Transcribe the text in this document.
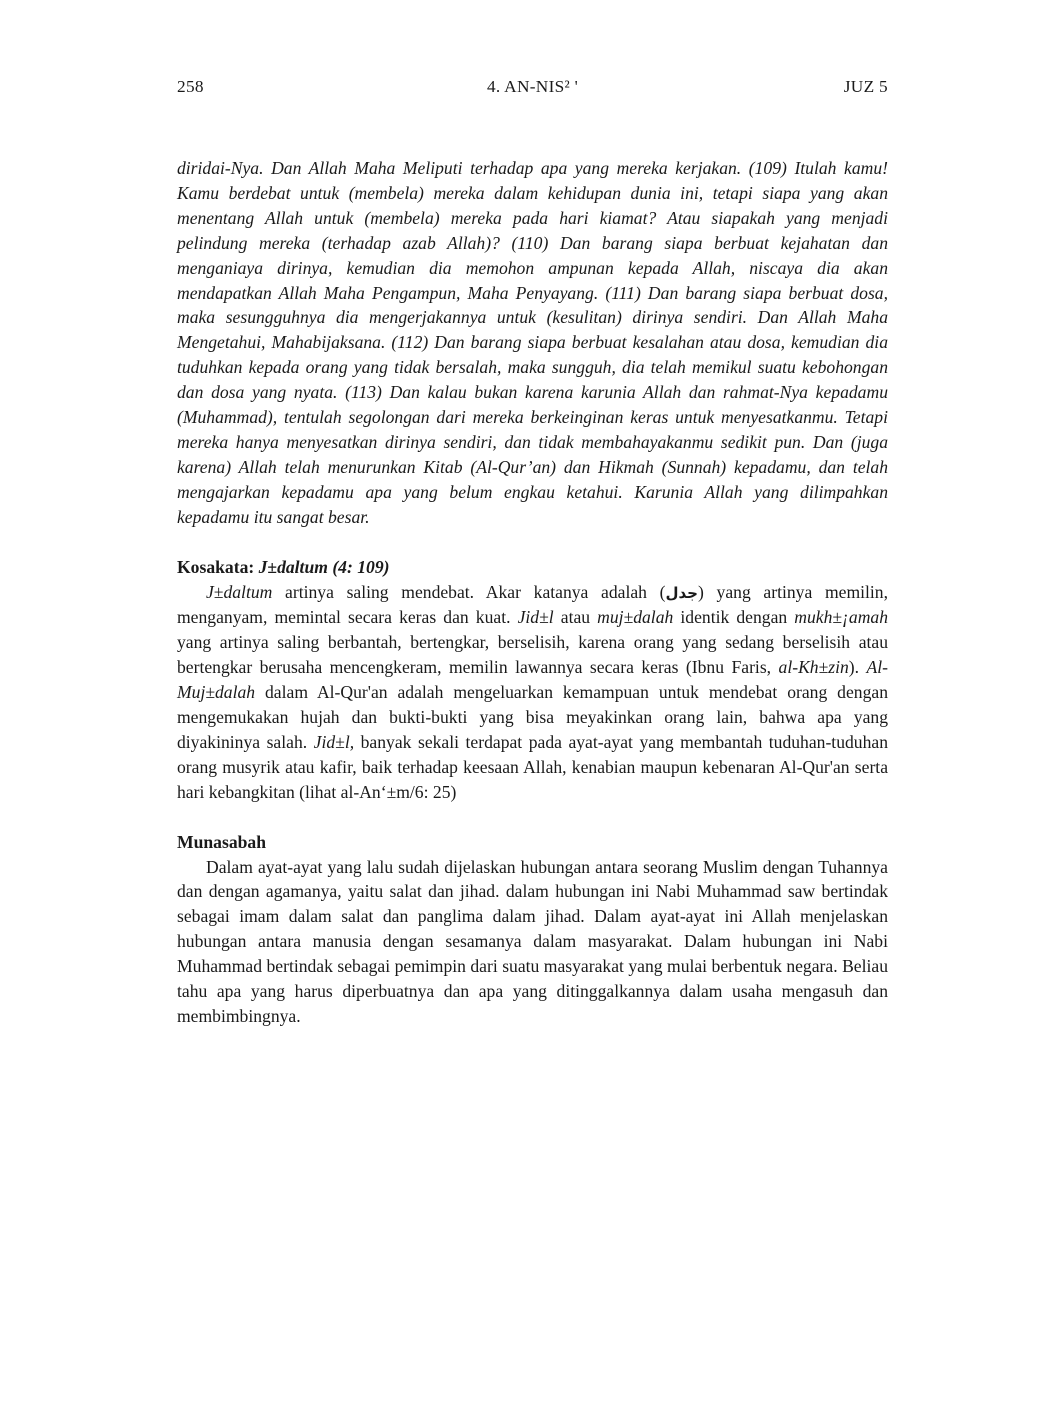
258	4. AN-NIS² '	JUZ 5

diridai-Nya. Dan Allah Maha Meliputi terhadap apa yang mereka kerjakan. (109) Itulah kamu! Kamu berdebat untuk (membela) mereka dalam kehidupan dunia ini, tetapi siapa yang akan menentang Allah untuk (membela) mereka pada hari kiamat? Atau siapakah yang menjadi pelindung mereka (terhadap azab Allah)? (110) Dan barang siapa berbuat kejahatan dan menganiaya dirinya, kemudian dia memohon ampunan kepada Allah, niscaya dia akan mendapatkan Allah Maha Pengampun, Maha Penyayang. (111) Dan barang siapa berbuat dosa, maka sesungguhnya dia mengerjakannya untuk (kesulitan) dirinya sendiri. Dan Allah Maha Mengetahui, Mahabijaksana. (112) Dan barang siapa berbuat kesalahan atau dosa, kemudian dia tuduhkan kepada orang yang tidak bersalah, maka sungguh, dia telah memikul suatu kebohongan dan dosa yang nyata. (113) Dan kalau bukan karena karunia Allah dan rahmat-Nya kepadamu (Muhammad), tentulah segolongan dari mereka berkeinginan keras untuk menyesatkanmu. Tetapi mereka hanya menyesatkan dirinya sendiri, dan tidak membahayakanmu sedikit pun. Dan (juga karena) Allah telah menurunkan Kitab (Al-Qur’an) dan Hikmah (Sunnah) kepadamu, dan telah mengajarkan kepadamu apa yang belum engkau ketahui. Karunia Allah yang dilimpahkan kepadamu itu sangat besar.

Kosakata: J±daltum (4: 109)

J±daltum artinya saling mendebat. Akar katanya adalah (جدل) yang artinya memilin, menganyam, memintal secara keras dan kuat. Jid±l atau muj±dalah identik dengan mukh±¡amah yang artinya saling berbantah, bertengkar, berselisih, karena orang yang sedang berselisih atau bertengkar berusaha mencengkeram, memilin lawannya secara keras (Ibnu Faris, al-Kh±zin). Al-Muj±dalah dalam Al-Qur'an adalah mengeluarkan kemampuan untuk mendebat orang dengan mengemukakan hujah dan bukti-bukti yang bisa meyakinkan orang lain, bahwa apa yang diyakininya salah. Jid±l, banyak sekali terdapat pada ayat-ayat yang membantah tuduhan-tuduhan orang musyrik atau kafir, baik terhadap keesaan Allah, kenabian maupun kebenaran Al-Qur'an serta hari kebangkitan (lihat al-An‘±m/6: 25)

Munasabah

Dalam ayat-ayat yang lalu sudah dijelaskan hubungan antara seorang Muslim dengan Tuhannya dan dengan agamanya, yaitu salat dan jihad. dalam hubungan ini Nabi Muhammad saw bertindak sebagai imam dalam salat dan panglima dalam jihad. Dalam ayat-ayat ini Allah menjelaskan hubungan antara manusia dengan sesamanya dalam masyarakat. Dalam hubungan ini Nabi Muhammad bertindak sebagai pemimpin dari suatu masyarakat yang mulai berbentuk negara. Beliau tahu apa yang harus diperbuatnya dan apa yang ditinggalkannya dalam usaha mengasuh dan membimbingnya.
